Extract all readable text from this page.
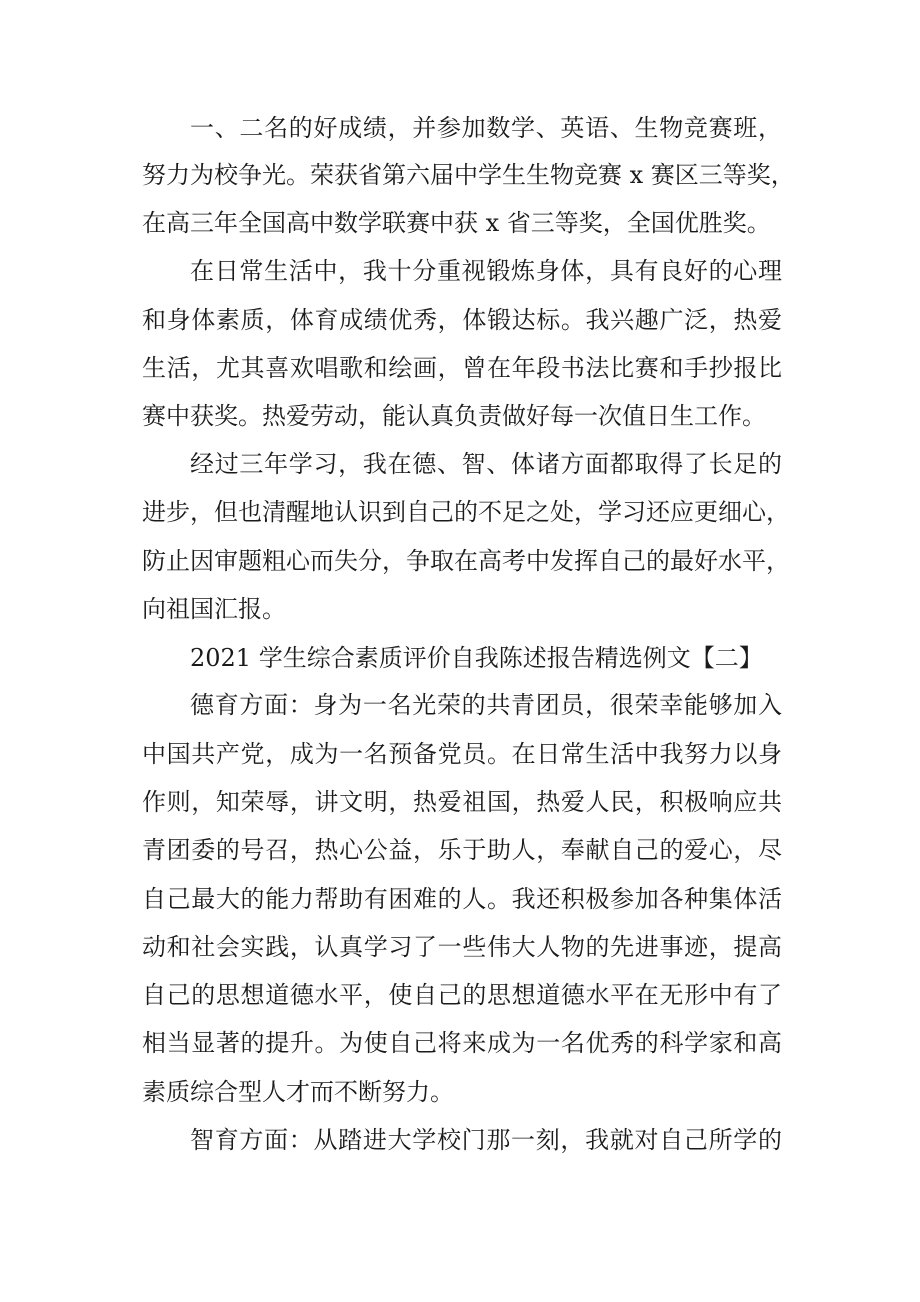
一、二名的好成绩，并参加数学、英语、生物竞赛班，
努力为校争光。荣获省第六届中学生生物竞赛 x 赛区三等奖，
在高三年全国高中数学联赛中获 x 省三等奖，全国优胜奖。
在日常生活中，我十分重视锻炼身体，具有良好的心理
和身体素质，体育成绩优秀，体锻达标。我兴趣广泛，热爱
生活，尤其喜欢唱歌和绘画，曾在年段书法比赛和手抄报比
赛中获奖。热爱劳动，能认真负责做好每一次值日生工作。
经过三年学习，我在德、智、体诸方面都取得了长足的
进步，但也清醒地认识到自己的不足之处，学习还应更细心，
防止因审题粗心而失分，争取在高考中发挥自己的最好水平，
向祖国汇报。
2021 学生综合素质评价自我陈述报告精选例文【二】
德育方面：身为一名光荣的共青团员，很荣幸能够加入
中国共产党，成为一名预备党员。在日常生活中我努力以身
作则，知荣辱，讲文明，热爱祖国，热爱人民，积极响应共
青团委的号召，热心公益，乐于助人，奉献自己的爱心，尽
自己最大的能力帮助有困难的人。我还积极参加各种集体活
动和社会实践，认真学习了一些伟大人物的先进事迹，提高
自己的思想道德水平，使自己的思想道德水平在无形中有了
相当显著的提升。为使自己将来成为一名优秀的科学家和高
素质综合型人才而不断努力。
智育方面：从踏进大学校门那一刻，我就对自己所学的
